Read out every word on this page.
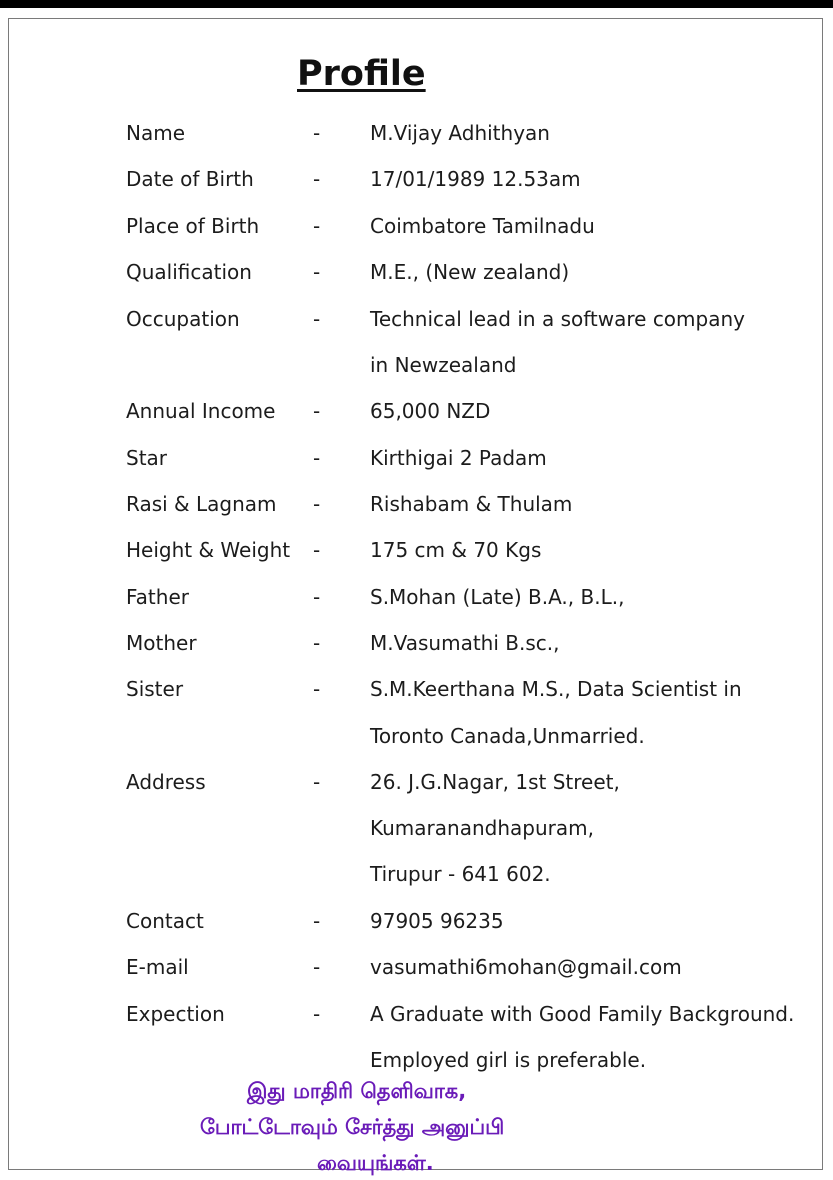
Profile
Name	- M.Vijay Adhithyan
Date of Birth	- 17/01/1989 12.53am
Place of Birth	- Coimbatore Tamilnadu
Qualification	- M.E., (New zealand)
Occupation	- Technical lead in a software company
in Newzealand
Annual Income - 65,000 NZD
Star	- Kirthigai 2 Padam
Rasi & Lagnam - Rishabam & Thulam
Height & Weight - 175 cm & 70 Kgs
Father	- S.Mohan (Late) B.A., B.L.,
Mother	- M.Vasumathi B.sc.,
Sister	- S.M.Keerthana M.S., Data Scientist in
Toronto Canada,Unmarried.
Address	- 26. J.G.Nagar, 1st Street,
Kumaranandhapuram,
Tirupur - 641 602.
Contact	- 97905 96235
E-mail	- vasumathi6mohan@gmail.com
Expection	- A Graduate with Good Family Background.
Employed girl is preferable.
இது மாதிரி தெளிவாக,
போட்டோவும் சேர்த்து அனுப்பி
வையுங்கள்.
